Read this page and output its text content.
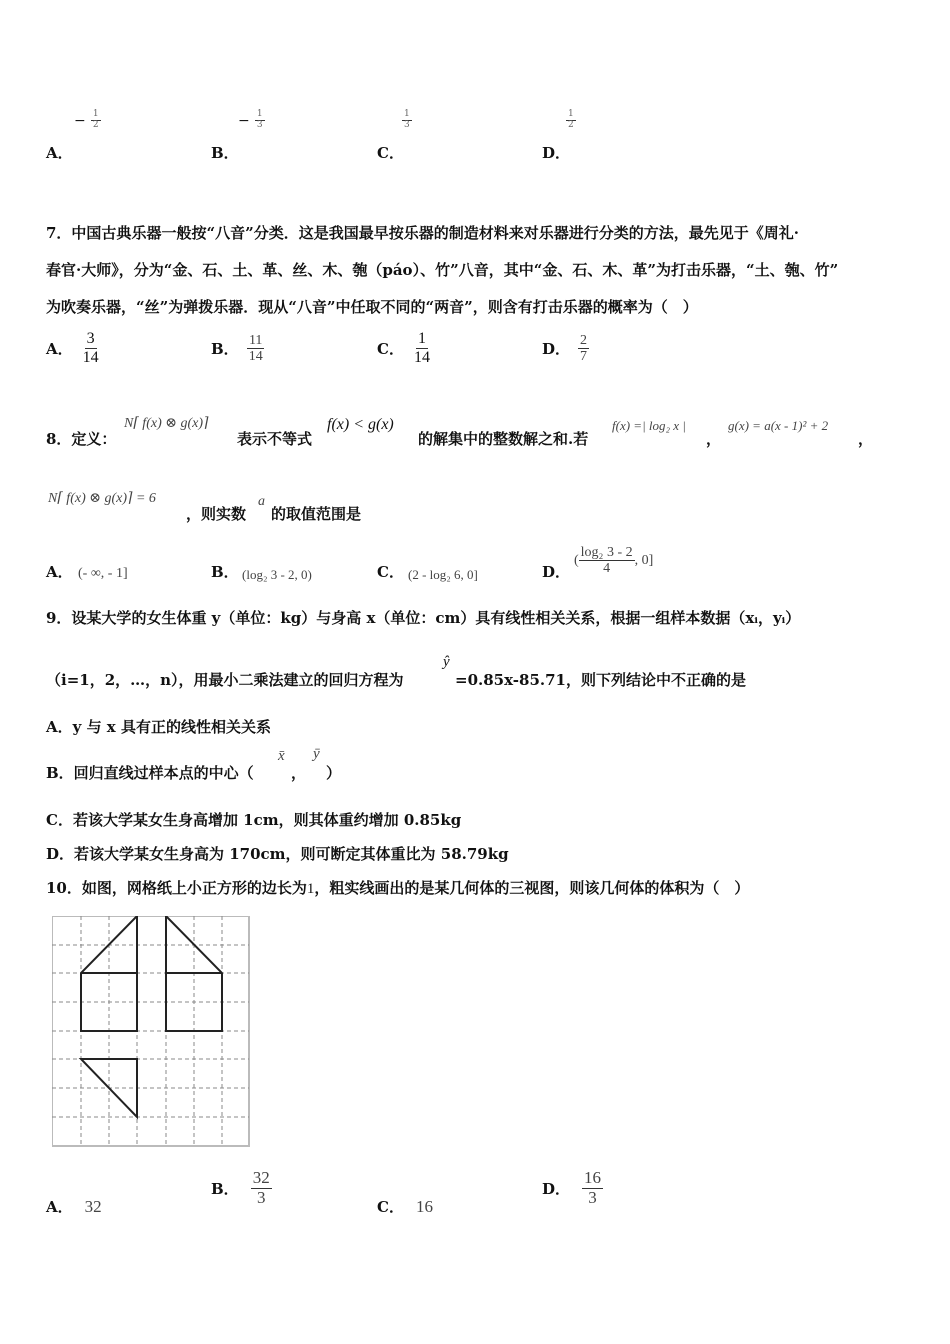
A．
− $\frac{1}{2}$
B．
− $\frac{1}{3}$
C．
$\frac{1}{3}$
D．
$\frac{1}{2}$
7．中国古典乐器一般按“八音”分类．这是我国最早按乐器的制造材料来对乐器进行分类的方法，最先见于《周礼·
春官·大师》，分为“金、石、土、革、丝、木、匏（páo）、竹”八音，其中“金、石、木、革”为打击乐器，“土、匏、竹”
为吹奏乐器，“丝”为弹拨乐器．现从“八音”中任取不同的“两音”，则含有打击乐器的概率为（　）
A． $\frac{3}{14}$	B． $\frac{11}{14}$	C． $\frac{1}{14}$	D． $\frac{2}{7}$
8．定义：
N⌈ f(x) ⊗ g(x)⌉
表示不等式
f(x) < g(x)
的解集中的整数解之和.若
f(x) =| log₂ x |
，
g(x) = a(x - 1)² + 2
，
N⌈ f(x) ⊗ g(x)⌉ = 6
，则实数
a
的取值范围是
A． (- ∞, - 1]	B． (log₂ 3 - 2, 0)	C． (2 - log₂ 6, 0]	D．
( $\frac{\text{log₂ 3 - 2}}{4}$ , 0]
9．设某大学的女生体重 y（单位：kg）与身高 x（单位：cm）具有线性相关关系，根据一组样本数据（xᵢ，yᵢ）
（i=1，2，…，n），用最小二乘法建立的回归方程为
ŷ
=0.85x-85.71，则下列结论中不正确的是
A．y 与 x 具有正的线性相关关系
B．回归直线过样本点的中心（
x̄
，
ȳ
）
C．若该大学某女生身高增加 1cm，则其体重约增加 0.85kg
D．若该大学某女生身高为 170cm，则可断定其体重比为 58.79kg
10．如图，网格纸上小正方形的边长为1，粗实线画出的是某几何体的三视图，则该几何体的体积为（　）
A． 32
B． $\frac{32}{3}$	C． 16
D． $\frac{16}{3}$
